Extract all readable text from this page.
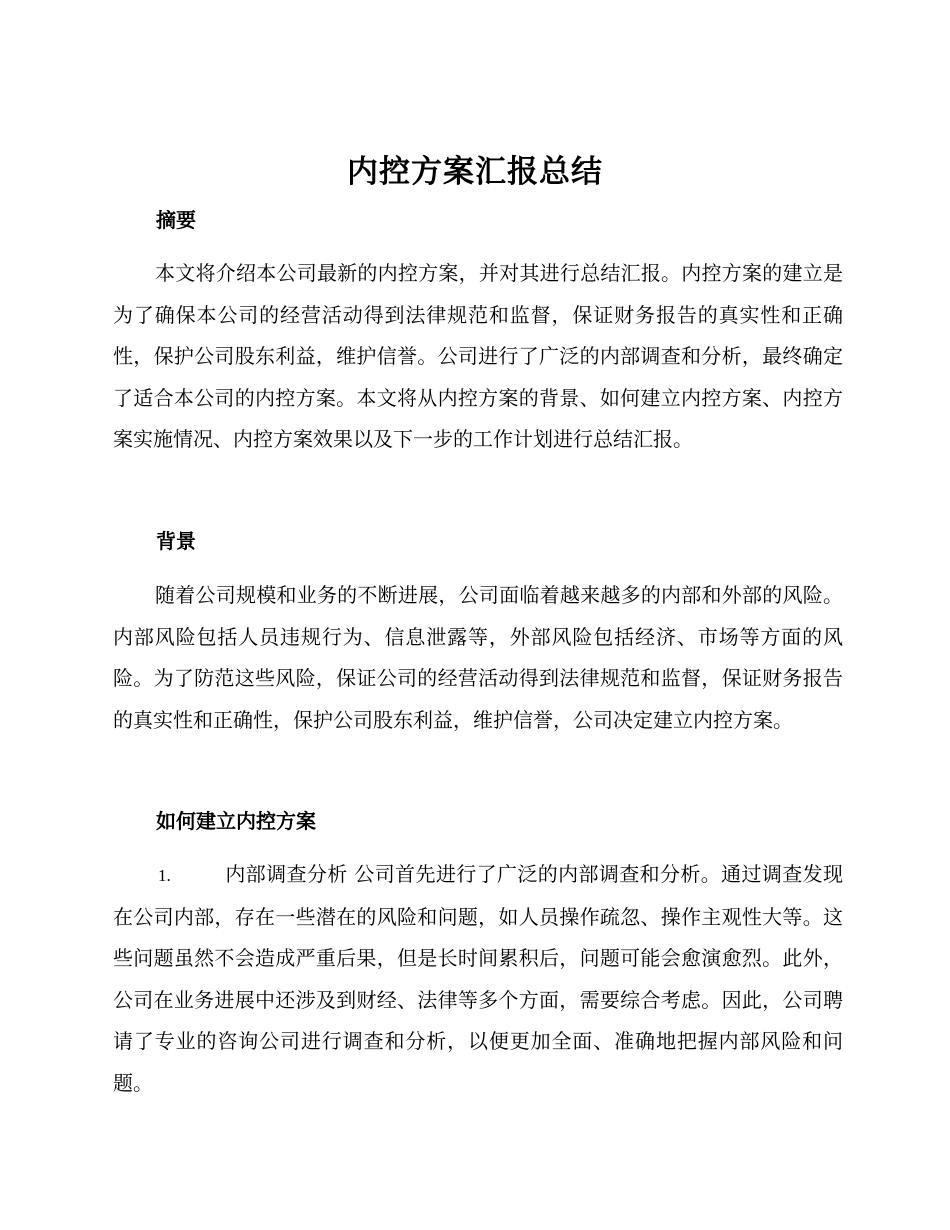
内控方案汇报总结
摘要

本文将介绍本公司最新的内控方案，并对其进行总结汇报。内控方案的建立是为了确保本公司的经营活动得到法律规范和监督，保证财务报告的真实性和正确性，保护公司股东利益，维护信誉。公司进行了广泛的内部调查和分析，最终确定了适合本公司的内控方案。本文将从内控方案的背景、如何建立内控方案、内控方案实施情况、内控方案效果以及下一步的工作计划进行总结汇报。

背景

随着公司规模和业务的不断进展，公司面临着越来越多的内部和外部的风险。内部风险包括人员违规行为、信息泄露等，外部风险包括经济、市场等方面的风险。为了防范这些风险，保证公司的经营活动得到法律规范和监督，保证财务报告的真实性和正确性，保护公司股东利益，维护信誉，公司决定建立内控方案。

如何建立内控方案

1.	内部调查分析 公司首先进行了广泛的内部调查和分析。通过调查发现在公司内部，存在一些潜在的风险和问题，如人员操作疏忽、操作主观性大等。这些问题虽然不会造成严重后果，但是长时间累积后，问题可能会愈演愈烈。此外，公司在业务进展中还涉及到财经、法律等多个方面，需要综合考虑。因此，公司聘请了专业的咨询公司进行调查和分析，以便更加全面、准确地把握内部风险和问题。
